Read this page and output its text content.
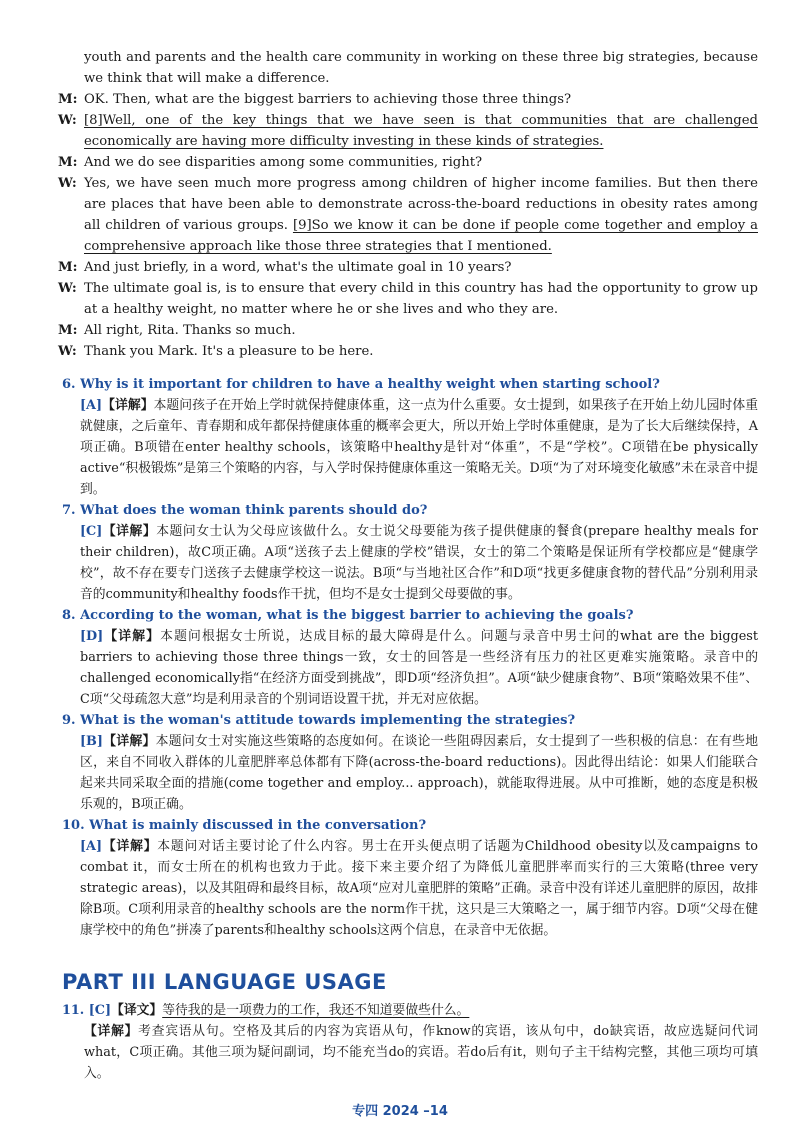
youth and parents and the health care community in working on these three big strategies, because we think that will make a difference.
M: OK. Then, what are the biggest barriers to achieving those three things?
W: [8]Well, one of the key things that we have seen is that communities that are challenged economically are having more difficulty investing in these kinds of strategies.
M: And we do see disparities among some communities, right?
W: Yes, we have seen much more progress among children of higher income families. But then there are places that have been able to demonstrate across-the-board reductions in obesity rates among all children of various groups. [9]So we know it can be done if people come together and employ a comprehensive approach like those three strategies that I mentioned.
M: And just briefly, in a word, what's the ultimate goal in 10 years?
W: The ultimate goal is, is to ensure that every child in this country has had the opportunity to grow up at a healthy weight, no matter where he or she lives and who they are.
M: All right, Rita. Thanks so much.
W: Thank you Mark. It's a pleasure to be here.
6. Why is it important for children to have a healthy weight when starting school?
[A]【详解】本题问孩子在开始上学时就保持健康体重，这一点为什么重要。女士提到，如果孩子在开始上幼儿园时体重就健康，之后童年、青春期和成年都保持健康体重的概率会更大，所以开始上学时体重健康，是为了长大后继续保持，A项正确。B项错在enter healthy schools，该策略中healthy是针对“体重”，不是“学校”。C项错在be physically active“积极锻炼”是第三个策略的内容，与入学时保持健康体重这一策略无关。D项“为了对环境变化敏感”未在录音中提到。
7. What does the woman think parents should do?
[C]【详解】本题问女士认为父母应该做什么。女士说父母要能为孩子提供健康的餐食(prepare healthy meals for their children)，故C项正确。A项“送孩子去上健康的学校”错误，女士的第二个策略是保证所有学校都应是“健康学校”，故不存在要专门送孩子去健康学校这一说法。B项“与当地社区合作”和D项“找更多健康食物的替代品”分别利用录音的community和healthy foods作干扰，但均不是女士提到父母要做的事。
8. According to the woman, what is the biggest barrier to achieving the goals?
[D]【详解】本题问根据女士所说，达成目标的最大障碍是什么。问题与录音中男士问的what are the biggest barriers to achieving those three things一致，女士的回答是一些经济有压力的社区更难实施策略。录音中的challenged economically指“在经济方面受到挑战”，即D项“经济负担”。A项“缺少健康食物”、B项“策略效果不佳”、C项“父母疏忽大意”均是利用录音的个别词语设置干扰，并无对应依据。
9. What is the woman's attitude towards implementing the strategies?
[B]【详解】本题问女士对实施这些策略的态度如何。在谈论一些阻碍因素后，女士提到了一些积极的信息：在有些地区，来自不同收入群体的儿童肥胖率总体都有下降(across-the-board reductions)。因此得出结论：如果人们能联合起来共同采取全面的措施(come together and employ... approach)，就能取得进展。从中可推断，她的态度是积极乐观的，B项正确。
10. What is mainly discussed in the conversation?
[A]【详解】本题问对话主要讨论了什么内容。男士在开头便点明了话题为Childhood obesity以及campaigns to combat it，而女士所在的机构也致力于此。接下来主要介绍了为降低儿童肥胖率而实行的三大策略(three very strategic areas)，以及其阻碍和最终目标，故A项“应对儿童肥胖的策略”正确。录音中没有详述儿童肥胖的原因，故排除B项。C项利用录音的healthy schools are the norm作干扰，这只是三大策略之一，属于细节内容。D项“父母在健康学校中的角色”拼凑了parents和healthy schools这两个信息，在录音中无依据。
PART III LANGUAGE USAGE
11. [C]【译文】等待我的是一项费力的工作，我还不知道要做些什么。
【详解】考查宾语从句。空格及其后的内容为宾语从句，作know的宾语，该从句中，do缺宾语，故应选疑问代词what，C项正确。其他三项为疑问副词，均不能充当do的宾语。若do后有it，则句子主干结构完整，其他三项均可填入。
专四 2024 –14
